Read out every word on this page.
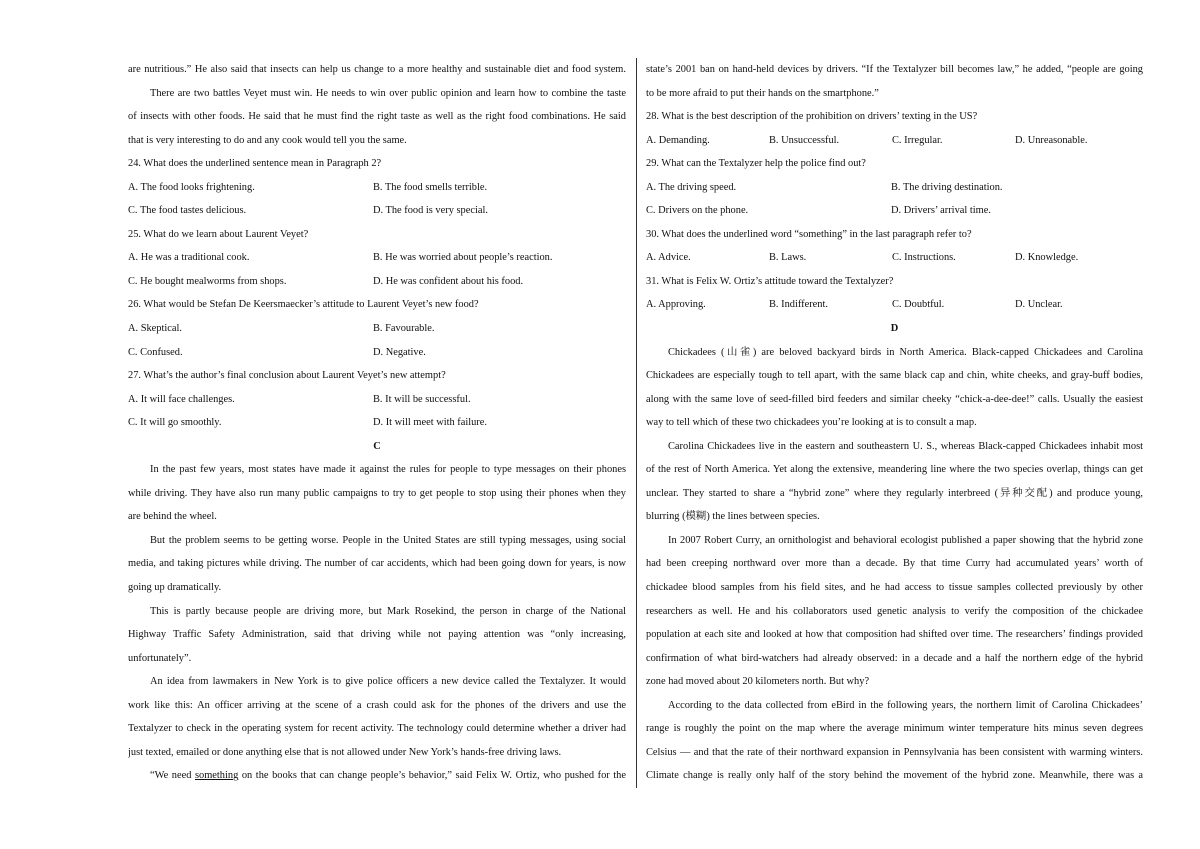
are nutritious.” He also said that insects can help us change to a more healthy and sustainable diet and food system.
There are two battles Veyet must win. He needs to win over public opinion and learn how to combine the taste
of insects with other foods. He said that he must find the right taste as well as the right food combinations. He said
that is very interesting to do and any cook would tell you the same.
24. What does the underlined sentence mean in Paragraph 2?
A. The food looks frightening.	B. The food smells terrible.
C. The food tastes delicious.	D. The food is very special.
25. What do we learn about Laurent Veyet?
A. He was a traditional cook.	B. He was worried about people’s reaction.
C. He bought mealworms from shops.	D. He was confident about his food.
26. What would be Stefan De Keersmaecker’s attitude to Laurent Veyet’s new food?
A. Skeptical.	B. Favourable.
C. Confused.	D. Negative.
27. What’s the author’s final conclusion about Laurent Veyet’s new attempt?
A. It will face challenges.	B. It will be successful.
C. It will go smoothly.	D. It will meet with failure.
C
In the past few years, most states have made it against the rules for people to type messages on their phones
while driving. They have also run many public campaigns to try to get people to stop using their phones when they
are behind the wheel.
But the problem seems to be getting worse. People in the United States are still typing messages, using social
media, and taking pictures while driving. The number of car accidents, which had been going down for years, is now
going up dramatically.
This is partly because people are driving more, but Mark Rosekind, the person in charge of the National
Highway Traffic Safety Administration, said that driving while not paying attention was “only increasing,
unfortunately”.
An idea from lawmakers in New York is to give police officers a new device called the Textalyzer. It would
work like this: An officer arriving at the scene of a crash could ask for the phones of the drivers and use the
Textalyzer to check in the operating system for recent activity. The technology could determine whether a driver had
just texted, emailed or done anything else that is not allowed under New York’s hands-free driving laws.
“We need something on the books that can change people’s behavior,” said Felix W. Ortiz, who pushed for the
state’s 2001 ban on hand-held devices by drivers. “If the Textalyzer bill becomes law,” he added, “people are going
to be more afraid to put their hands on the smartphone.”
28. What is the best description of the prohibition on drivers’ texting in the US?
A. Demanding.	B. Unsuccessful.	C. Irregular.	D. Unreasonable.
29. What can the Textalyzer help the police find out?
A. The driving speed.	B. The driving destination.
C. Drivers on the phone.	D. Drivers’ arrival time.
30. What does the underlined word “something” in the last paragraph refer to?
A. Advice.	B. Laws.	C. Instructions.	D. Knowledge.
31. What is Felix W. Ortiz’s attitude toward the Textalyzer?
A. Approving.	B. Indifferent.	C. Doubtful.	D. Unclear.
D
Chickadees (山雀) are beloved backyard birds in North America. Black-capped Chickadees and Carolina
Chickadees are especially tough to tell apart, with the same black cap and chin, white cheeks, and gray-buff bodies,
along with the same love of seed-filled bird feeders and similar cheeky “chick-a-dee-dee!” calls. Usually the easiest
way to tell which of these two chickadees you’re looking at is to consult a map.
Carolina Chickadees live in the eastern and southeastern U. S., whereas Black-capped Chickadees inhabit most
of the rest of North America. Yet along the extensive, meandering line where the two species overlap, things can get
unclear. They started to share a “hybrid zone” where they regularly interbreed (异种交配) and produce young,
blurring (模糊) the lines between species.
In 2007 Robert Curry, an ornithologist and behavioral ecologist published a paper showing that the hybrid zone
had been creeping northward over more than a decade. By that time Curry had accumulated years’ worth of
chickadee blood samples from his field sites, and he had access to tissue samples collected previously by other
researchers as well. He and his collaborators used genetic analysis to verify the composition of the chickadee
population at each site and looked at how that composition had shifted over time. The researchers’ findings provided
confirmation of what bird-watchers had already observed: in a decade and a half the northern edge of the hybrid
zone had moved about 20 kilometers north. But why?
According to the data collected from eBird in the following years, the northern limit of Carolina Chickadees’
range is roughly the point on the map where the average minimum winter temperature hits minus seven degrees
Celsius — and that the rate of their northward expansion in Pennsylvania has been consistent with warming winters.
Climate change is really only half of the story behind the movement of the hybrid zone. Meanwhile, there was a
